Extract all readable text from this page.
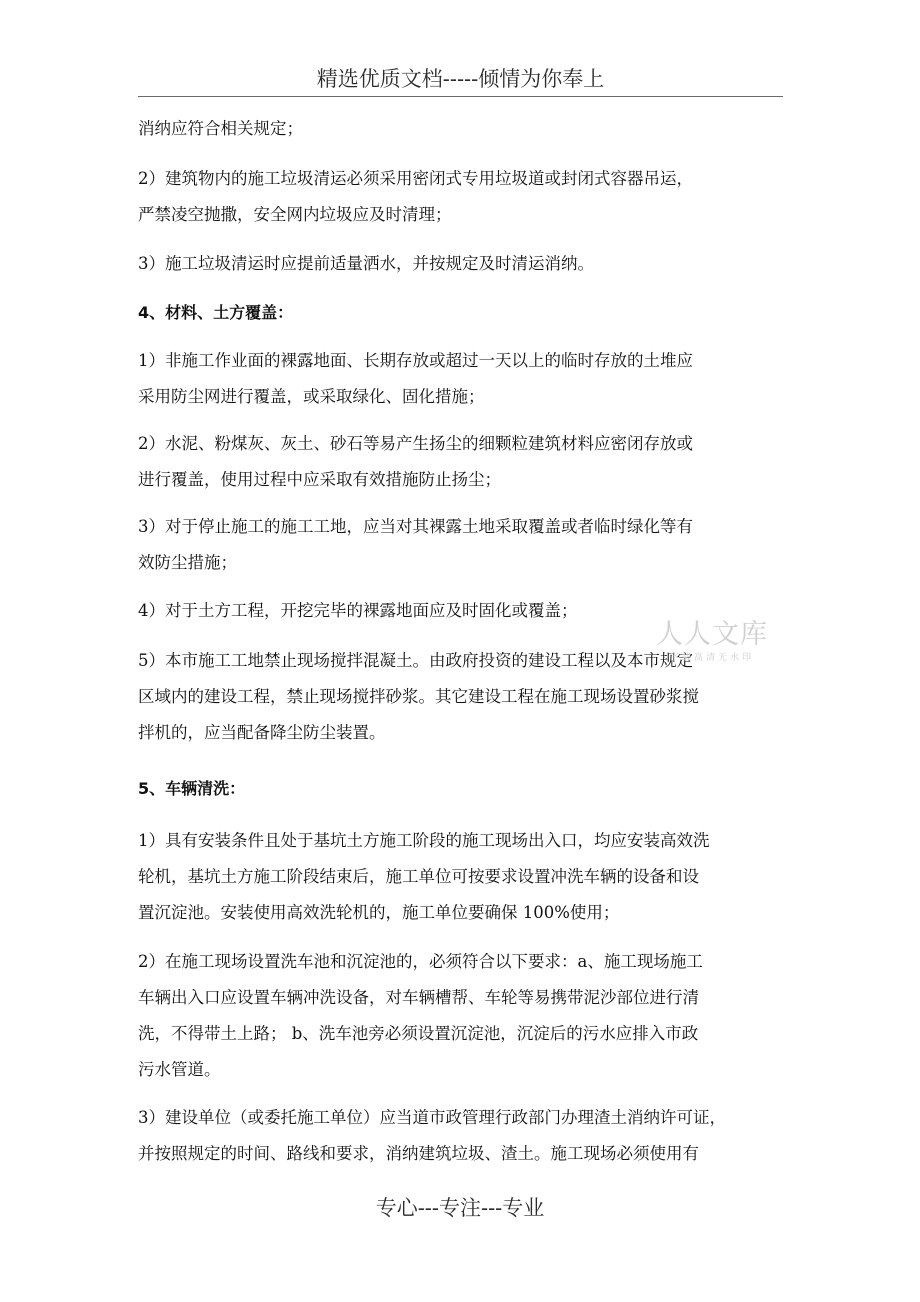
精选优质文档-----倾情为你奉上
消纳应符合相关规定；
2）建筑物内的施工垃圾清运必须采用密闭式专用垃圾道或封闭式容器吊运，
严禁凌空抛撒，安全网内垃圾应及时清理；
3）施工垃圾清运时应提前适量洒水，并按规定及时清运消纳。
4、材料、土方覆盖：
1）非施工作业面的裸露地面、长期存放或超过一天以上的临时存放的土堆应
采用防尘网进行覆盖，或采取绿化、固化措施；
2）水泥、粉煤灰、灰土、砂石等易产生扬尘的细颗粒建筑材料应密闭存放或
进行覆盖，使用过程中应采取有效措施防止扬尘；
3）对于停止施工的施工工地，应当对其裸露土地采取覆盖或者临时绿化等有
效防尘措施；
4）对于土方工程，开挖完毕的裸露地面应及时固化或覆盖；
5）本市施工工地禁止现场搅拌混凝土。由政府投资的建设工程以及本市规定
区域内的建设工程，禁止现场搅拌砂浆。其它建设工程在施工现场设置砂浆搅
拌机的，应当配备降尘防尘装置。
5、车辆清洗：
1）具有安装条件且处于基坑土方施工阶段的施工现场出入口，均应安装高效洗
轮机，基坑土方施工阶段结束后，施工单位可按要求设置冲洗车辆的设备和设
置沉淀池。安装使用高效洗轮机的，施工单位要确保 100%使用；
2）在施工现场设置洗车池和沉淀池的，必须符合以下要求：a、施工现场施工
车辆出入口应设置车辆冲洗设备，对车辆槽帮、车轮等易携带泥沙部位进行清
洗，不得带土上路； b、洗车池旁必须设置沉淀池，沉淀后的污水应排入市政
污水管道。
3）建设单位（或委托施工单位）应当道市政管理行政部门办理渣土消纳许可证，
并按照规定的时间、路线和要求，消纳建筑垃圾、渣土。施工现场必须使用有
人人文库
下载高清无水印
专心---专注---专业
